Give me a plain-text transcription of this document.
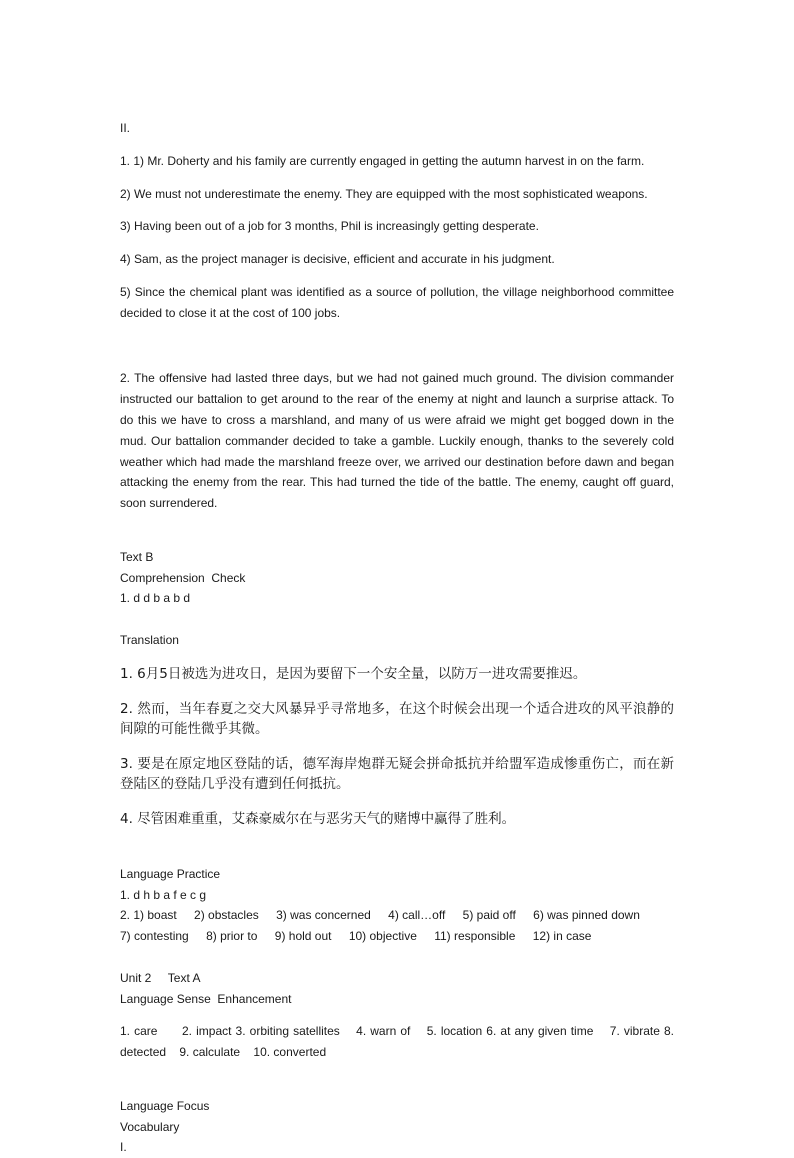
II.

1. 1) Mr. Doherty and his family are currently engaged in getting the autumn harvest in on the farm.

2) We must not underestimate the enemy. They are equipped with the most sophisticated weapons.

3) Having been out of a job for 3 months, Phil is increasingly getting desperate.

4) Sam, as the project manager is decisive, efficient and accurate in his judgment.

5) Since the chemical plant was identified as a source of pollution, the village neighborhood committee decided to close it at the cost of 100 jobs.

2. The offensive had lasted three days, but we had not gained much ground. The division commander instructed our battalion to get around to the rear of the enemy at night and launch a surprise attack. To do this we have to cross a marshland, and many of us were afraid we might get bogged down in the mud. Our battalion commander decided to take a gamble. Luckily enough, thanks to the severely cold weather which had made the marshland freeze over, we arrived our destination before dawn and began attacking the enemy from the rear. This had turned the tide of the battle. The enemy, caught off guard, soon surrendered.

Text B

Comprehension  Check

1. d d b a b d

Translation

1. 6月5日被选为进攻日，是因为要留下一个安全量，以防万一进攻需要推迟。

2. 然而，当年春夏之交大风暴异乎寻常地多，在这个时候会出现一个适合进攻的风平浪静的间隙的可能性微乎其微。

3. 要是在原定地区登陆的话，德军海岸炮群无疑会拼命抵抗并给盟军造成惨重伤亡，而在新登陆区的登陆几乎没有遭到任何抵抗。

4. 尽管困难重重，艾森豪威尔在与恶劣天气的赌博中赢得了胜利。

Language Practice

1. d h b a f e c g

2. 1) boast 2) obstacles 3) was concerned 4) call…off 5) paid off 6) was pinned down

7) contesting 8) prior to 9) hold out 10) objective 11) responsible 12) in case

Unit 2     Text A

Language Sense  Enhancement

1. care      2. impact 3. orbiting satellites    4. warn of    5. location 6. at any given time    7. vibrate 8. detected    9. calculate    10. converted

Language Focus

Vocabulary

I.
